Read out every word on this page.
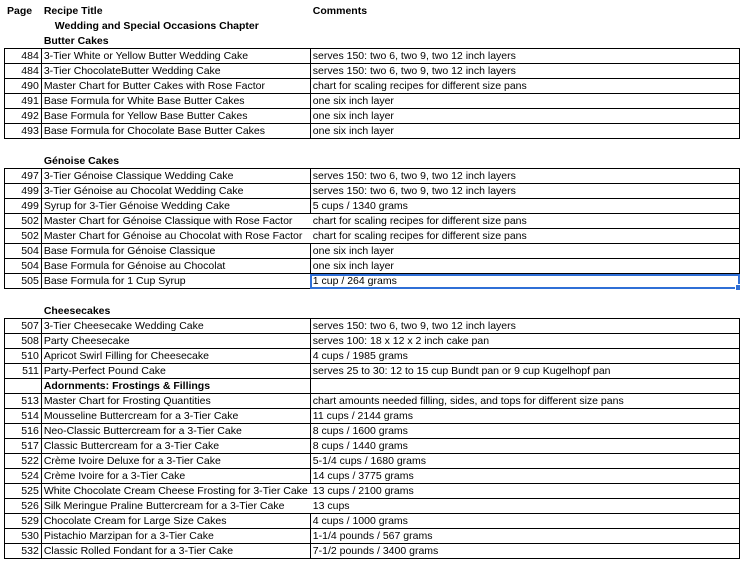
Page	Recipe Title	Comments
	Wedding and Special Occasions Chapter	
	Butter Cakes	
484	3-Tier White or Yellow Butter Wedding Cake	serves 150: two 6, two 9, two 12 inch layers
484	3-Tier ChocolateButter Wedding Cake	serves 150: two 6, two 9, two 12 inch layers
490	Master Chart for Butter Cakes with Rose Factor	chart for scaling recipes for different size pans
491	Base Formula for White Base Butter Cakes	one six inch layer
492	Base Formula for Yellow Base Butter Cakes	one six inch layer
493	Base Formula for Chocolate Base Butter Cakes	one six inch layer

	Génoise Cakes	
497	3-Tier Génoise Classique Wedding Cake	serves 150: two 6, two 9, two 12 inch layers
499	3-Tier Génoise au Chocolat Wedding Cake	serves 150: two 6, two 9, two 12 inch layers
499	Syrup for 3-Tier Génoise Wedding Cake	5 cups / 1340 grams
502	Master Chart for Génoise Classique with Rose Factor	chart for scaling recipes for different size pans
502	Master Chart for Génoise au Chocolat with Rose Factor	chart for scaling recipes for different size pans
504	Base Formula for Génoise Classique	one six inch layer
504	Base Formula for Génoise au Chocolat	one six inch layer
505	Base Formula for 1 Cup Syrup	1 cup / 264 grams

	Cheesecakes	
507	3-Tier Cheesecake Wedding Cake	serves 150: two 6, two 9, two 12 inch layers
508	Party Cheesecake	serves 100: 18 x 12 x 2 inch cake pan
510	Apricot Swirl Filling for Cheesecake	4 cups / 1985 grams
511	Party-Perfect Pound Cake	serves 25 to 30: 12 to 15 cup Bundt pan or 9 cup Kugelhopf pan
	Adornments: Frostings & Fillings	
513	Master Chart for Frosting Quantities	chart amounts needed filling, sides, and tops for different size pans
514	Mousseline Buttercream for a 3-Tier Cake	11 cups / 2144 grams
516	Neo-Classic Buttercream for a 3-Tier Cake	8 cups / 1600 grams
517	Classic Buttercream for a 3-Tier Cake	8 cups / 1440 grams
522	Crème Ivoire Deluxe for a 3-Tier Cake	5-1/4 cups / 1680 grams
524	Crème Ivoire for a 3-Tier Cake	14 cups / 3775 grams
525	White Chocolate Cream Cheese Frosting for 3-Tier Cake	13 cups / 2100 grams
526	Silk Meringue Praline Buttercream for a 3-Tier Cake	13 cups
529	Chocolate Cream for Large Size Cakes	4 cups / 1000 grams
530	Pistachio Marzipan for a 3-Tier Cake	1-1/4 pounds / 567 grams
532	Classic Rolled Fondant for a 3-Tier Cake	7-1/2 pounds / 3400 grams
